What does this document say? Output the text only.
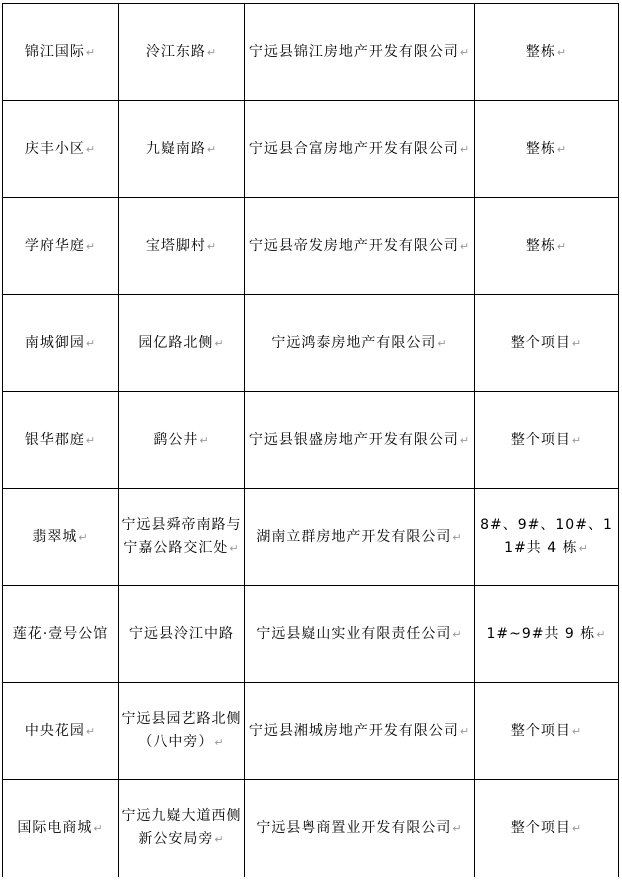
锦江国际↵	泠江东路↵	宁远县锦江房地产开发有限公司↵	整栋↵
庆丰小区↵	九嶷南路↵	宁远县合富房地产开发有限公司↵	整栋↵
学府华庭↵	宝塔脚村↵	宁远县帝发房地产开发有限公司↵	整栋↵
南城御园↵	园亿路北侧↵	宁远鸿泰房地产有限公司↵	整个项目↵
银华郡庭↵	鹞公井↵	宁远县银盛房地产开发有限公司↵	整个项目↵
翡翠城↵	宁远县舜帝南路与宁嘉公路交汇处↵	湖南立群房地产开发有限公司↵	8#、9#、10#、11#共 4 栋↵
莲花·壹号公馆	宁远县泠江中路	宁远县嶷山实业有限责任公司↵	1#~9#共 9 栋↵
中央花园↵	宁远县园艺路北侧（八中旁）↵	宁远县湘城房地产开发有限公司↵	整个项目↵
国际电商城↵	宁远九嶷大道西侧新公安局旁↵	宁远县粤商置业开发有限公司↵	整个项目↵
